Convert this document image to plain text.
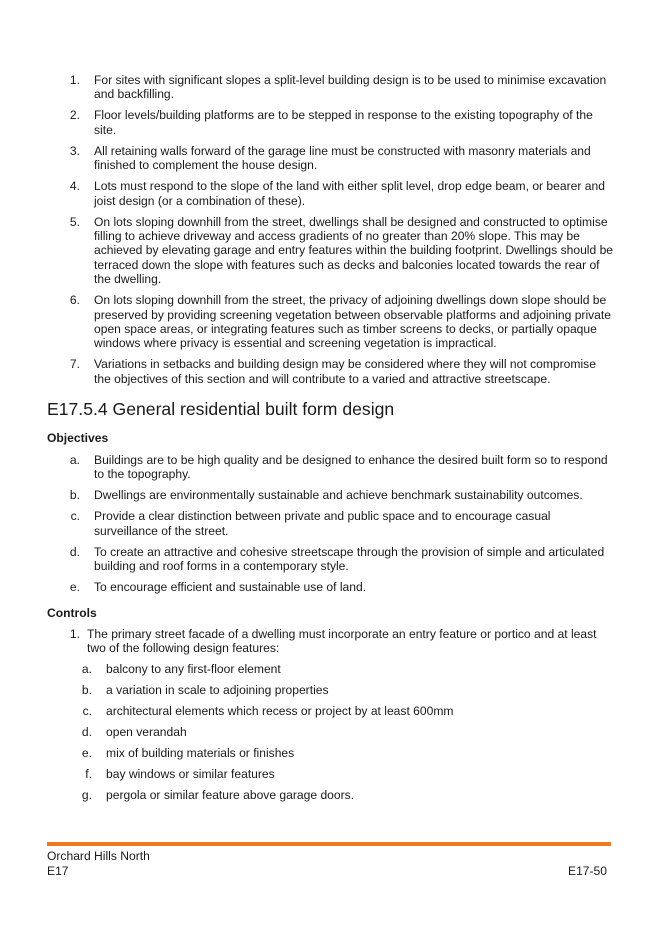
1. For sites with significant slopes a split-level building design is to be used to minimise excavation and backfilling.
2. Floor levels/building platforms are to be stepped in response to the existing topography of the site.
3. All retaining walls forward of the garage line must be constructed with masonry materials and finished to complement the house design.
4. Lots must respond to the slope of the land with either split level, drop edge beam, or bearer and joist design (or a combination of these).
5. On lots sloping downhill from the street, dwellings shall be designed and constructed to optimise filling to achieve driveway and access gradients of no greater than 20% slope. This may be achieved by elevating garage and entry features within the building footprint. Dwellings should be terraced down the slope with features such as decks and balconies located towards the rear of the dwelling.
6. On lots sloping downhill from the street, the privacy of adjoining dwellings down slope should be preserved by providing screening vegetation between observable platforms and adjoining private open space areas, or integrating features such as timber screens to decks, or partially opaque windows where privacy is essential and screening vegetation is impractical.
7. Variations in setbacks and building design may be considered where they will not compromise the objectives of this section and will contribute to a varied and attractive streetscape.
E17.5.4 General residential built form design
Objectives
a. Buildings are to be high quality and be designed to enhance the desired built form so to respond to the topography.
b. Dwellings are environmentally sustainable and achieve benchmark sustainability outcomes.
c. Provide a clear distinction between private and public space and to encourage casual surveillance of the street.
d. To create an attractive and cohesive streetscape through the provision of simple and articulated building and roof forms in a contemporary style.
e. To encourage efficient and sustainable use of land.
Controls
1. The primary street facade of a dwelling must incorporate an entry feature or portico and at least two of the following design features:
a. balcony to any first-floor element
b. a variation in scale to adjoining properties
c. architectural elements which recess or project by at least 600mm
d. open verandah
e. mix of building materials or finishes
f. bay windows or similar features
g. pergola or similar feature above garage doors.
Orchard Hills North
E17	E17-50
